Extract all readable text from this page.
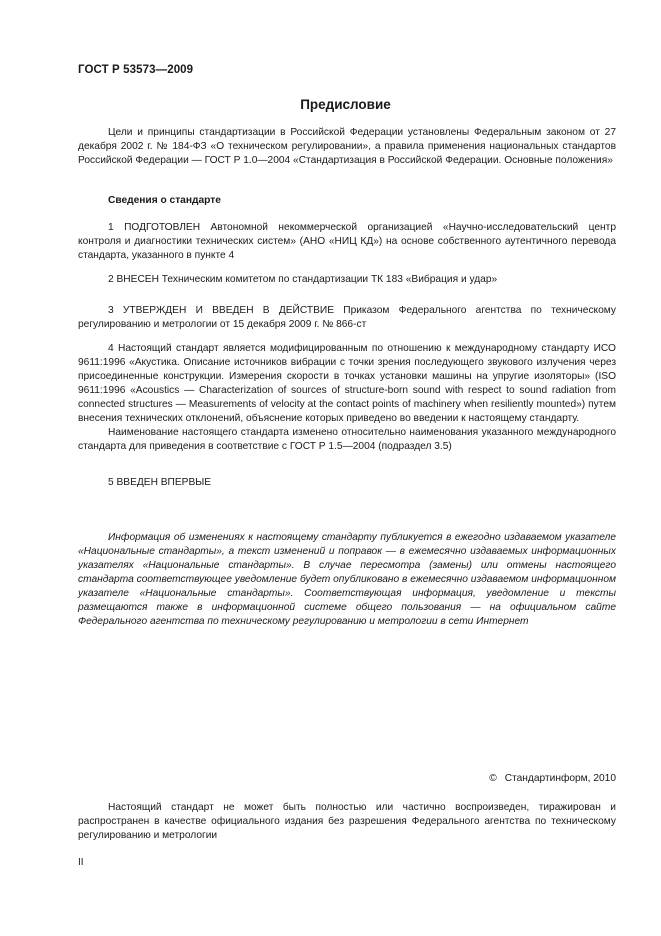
ГОСТ Р 53573—2009
Предисловие

Цели и принципы стандартизации в Российской Федерации установлены Федеральным законом от 27 декабря 2002 г. № 184-ФЗ «О техническом регулировании», а правила применения национальных стандартов Российской Федерации — ГОСТ Р 1.0—2004 «Стандартизация в Российской Федерации. Основные положения»

Сведения о стандарте

1 ПОДГОТОВЛЕН Автономной некоммерческой организацией «Научно-исследовательский центр контроля и диагностики технических систем» (АНО «НИЦ КД») на основе собственного аутентичного перевода стандарта, указанного в пункте 4

2 ВНЕСЕН Техническим комитетом по стандартизации ТК 183 «Вибрация и удар»

3 УТВЕРЖДЕН И ВВЕДЕН В ДЕЙСТВИЕ Приказом Федерального агентства по техническому регулированию и метрологии от 15 декабря 2009 г. № 866-ст

4 Настоящий стандарт является модифицированным по отношению к международному стандарту ИСО 9611:1996 «Акустика. Описание источников вибрации с точки зрения последующего звукового излучения через присоединенные конструкции. Измерения скорости в точках установки машины на упругие изоляторы» (ISO 9611:1996 «Acoustics — Characterization of sources of structure-born sound with respect to sound radiation from connected structures — Measurements of velocity at the contact points of machinery when resiliently mounted») путем внесения технических отклонений, объяснение которых приведено во введении к настоящему стандарту.

Наименование настоящего стандарта изменено относительно наименования указанного международного стандарта для приведения в соответствие с ГОСТ Р 1.5—2004 (подраздел 3.5)

5 ВВЕДЕН ВПЕРВЫЕ

Информация об изменениях к настоящему стандарту публикуется в ежегодно издаваемом указателе «Национальные стандарты», а текст изменений и поправок — в ежемесячно издаваемых информационных указателях «Национальные стандарты». В случае пересмотра (замены) или отмены настоящего стандарта соответствующее уведомление будет опубликовано в ежемесячно издаваемом информационном указателе «Национальные стандарты». Соответствующая информация, уведомление и тексты размещаются также в информационной системе общего пользования — на официальном сайте Федерального агентства по техническому регулированию и метрологии в сети Интернет

© Стандартинформ, 2010

Настоящий стандарт не может быть полностью или частично воспроизведен, тиражирован и распространен в качестве официального издания без разрешения Федерального агентства по техническому регулированию и метрологии

II
